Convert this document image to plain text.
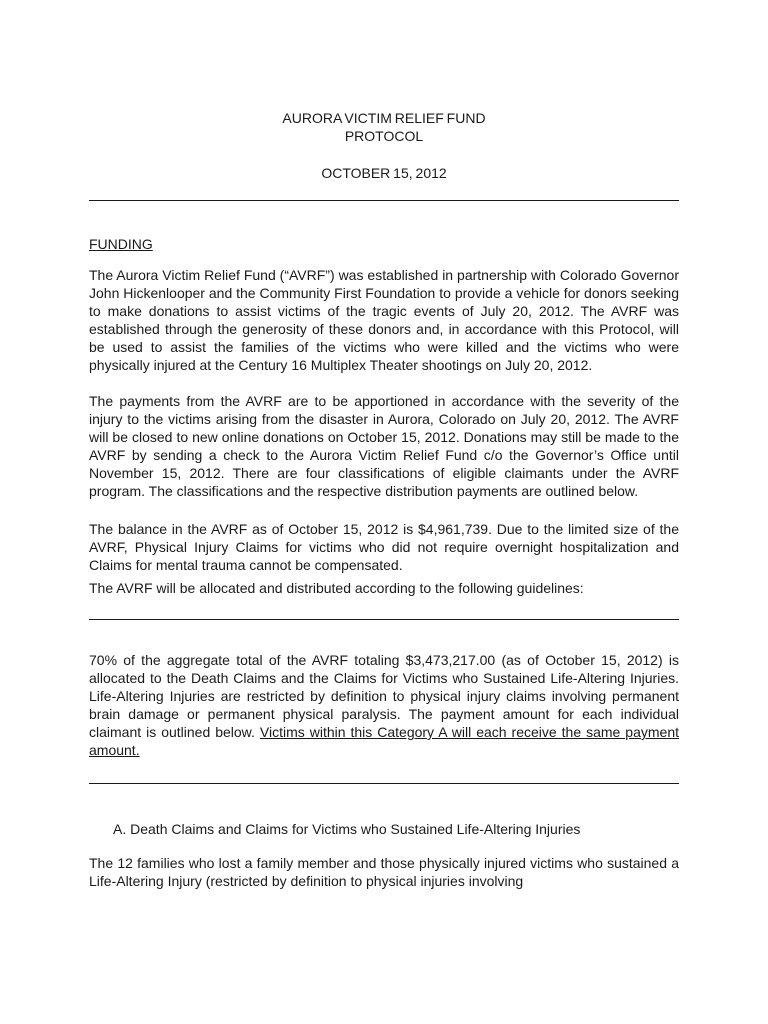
AURORA VICTIM RELIEF FUND
PROTOCOL
OCTOBER 15, 2012
FUNDING

The Aurora Victim Relief Fund (“AVRF”) was established in partnership with Colorado Governor John Hickenlooper and the Community First Foundation to provide a vehicle for donors seeking to make donations to assist victims of the tragic events of July 20, 2012. The AVRF was established through the generosity of these donors and, in accordance with this Protocol, will be used to assist the families of the victims who were killed and the victims who were physically injured at the Century 16 Multiplex Theater shootings on July 20, 2012.

The payments from the AVRF are to be apportioned in accordance with the severity of the injury to the victims arising from the disaster in Aurora, Colorado on July 20, 2012. The AVRF will be closed to new online donations on October 15, 2012. Donations may still be made to the AVRF by sending a check to the Aurora Victim Relief Fund c/o the Governor’s Office until November 15, 2012. There are four classifications of eligible claimants under the AVRF program. The classifications and the respective distribution payments are outlined below.

The balance in the AVRF as of October 15, 2012 is $4,961,739. Due to the limited size of the AVRF, Physical Injury Claims for victims who did not require overnight hospitalization and Claims for mental trauma cannot be compensated.

The AVRF will be allocated and distributed according to the following guidelines:

70% of the aggregate total of the AVRF totaling $3,473,217.00 (as of October 15, 2012) is allocated to the Death Claims and the Claims for Victims who Sustained Life-Altering Injuries. Life-Altering Injuries are restricted by definition to physical injury claims involving permanent brain damage or permanent physical paralysis. The payment amount for each individual claimant is outlined below. Victims within this Category A will each receive the same payment amount.

A. Death Claims and Claims for Victims who Sustained Life-Altering Injuries

The 12 families who lost a family member and those physically injured victims who sustained a Life-Altering Injury (restricted by definition to physical injuries involving
